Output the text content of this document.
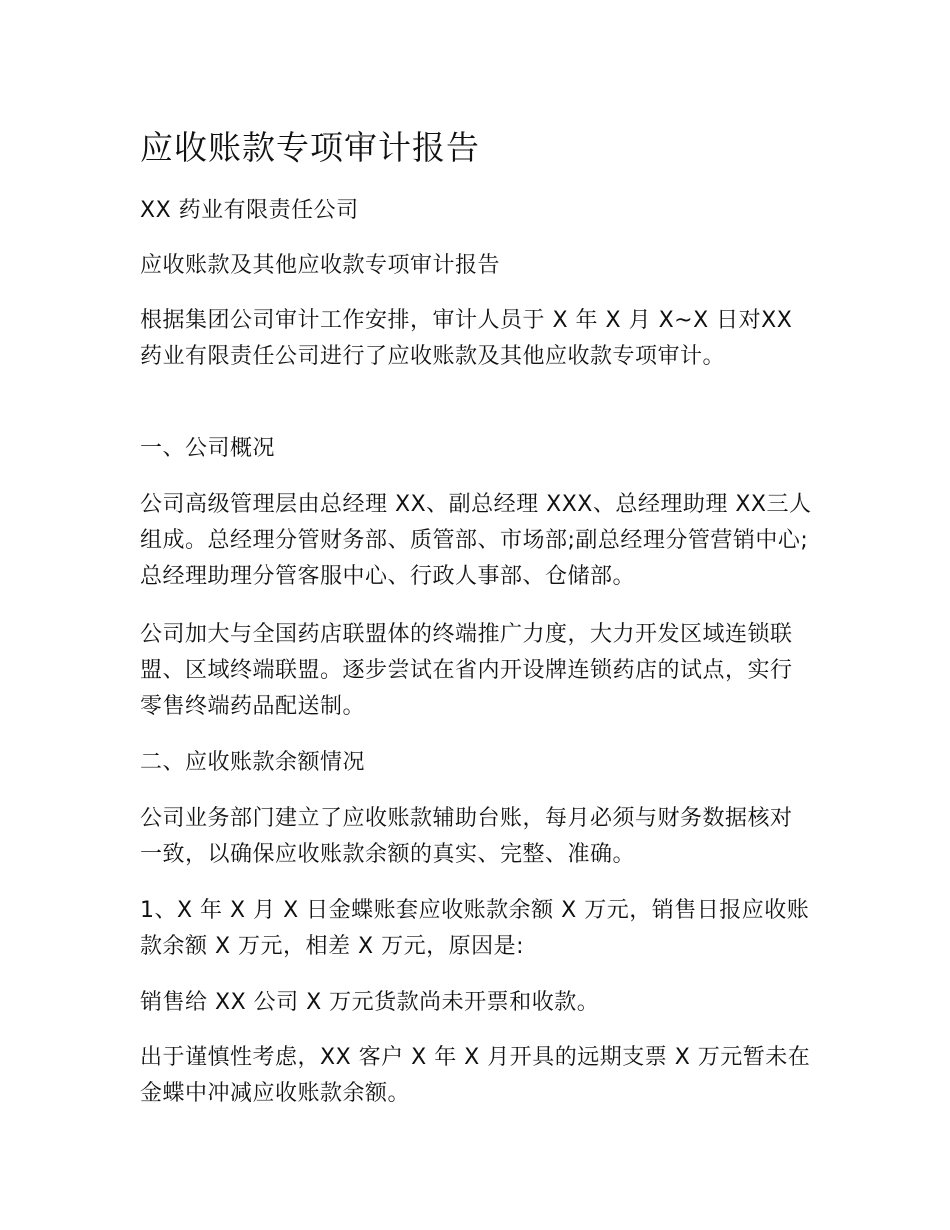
应收账款专项审计报告

XX 药业有限责任公司

应收账款及其他应收款专项审计报告

根据集团公司审计工作安排，审计人员于 X 年 X 月 X~X 日对XX 药业有限责任公司进行了应收账款及其他应收款专项审计。

一、公司概况

公司高级管理层由总经理 XX、副总经理 XXX、总经理助理 XX三人组成。总经理分管财务部、质管部、市场部;副总经理分管营销中心;总经理助理分管客服中心、行政人事部、仓储部。

公司加大与全国药店联盟体的终端推广力度，大力开发区域连锁联盟、区域终端联盟。逐步尝试在省内开设牌连锁药店的试点，实行零售终端药品配送制。

二、应收账款余额情况

公司业务部门建立了应收账款辅助台账，每月必须与财务数据核对一致，以确保应收账款余额的真实、完整、准确。

1、X 年 X 月 X 日金蝶账套应收账款余额 X 万元，销售日报应收账款余额 X 万元，相差 X 万元，原因是:

销售给 XX 公司 X 万元货款尚未开票和收款。

出于谨慎性考虑，XX 客户 X 年 X 月开具的远期支票 X 万元暂未在金蝶中冲减应收账款余额。
